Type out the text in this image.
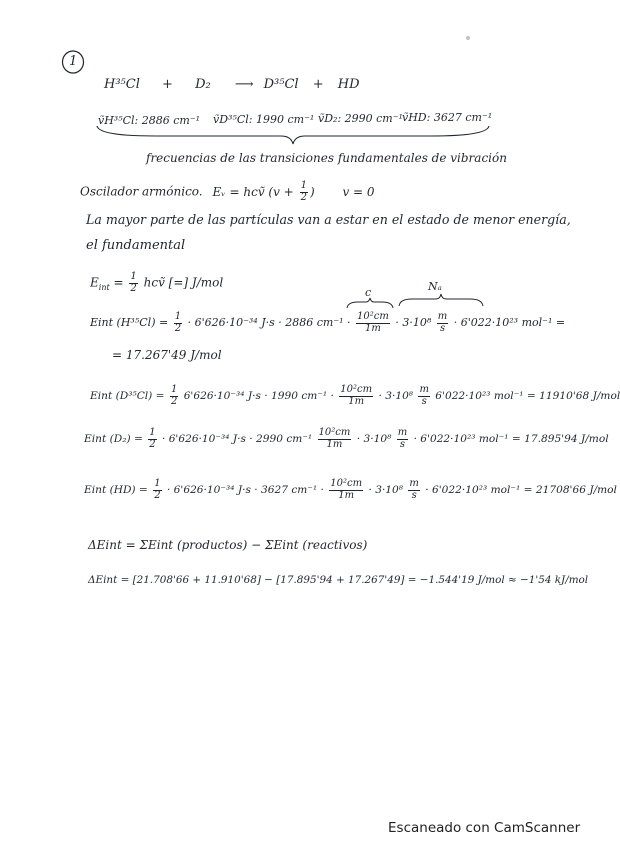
1
H³⁵Cl + D₂ ⟶ D³⁵Cl + HD
ṽH³⁵Cl: 2886 cm⁻¹ ṽD³⁵Cl: 1990 cm⁻¹ ṽD₂: 2990 cm⁻¹ ṽHD: 3627 cm⁻¹
frecuencias de las transiciones fundamentales de vibración
Oscilador armónico. Eᵥ = hcṽ ($v + \frac{1}{2}$ ) v = 0
La mayor parte de las partículas van a estar en el estado de menor energía,
el fundamental
$E_{int} = \frac{1}{2}$ hcṽ [=] J/mol
c	Nₐ
Eint $(H^{35}Cl) = \frac{1}{2} \cdot 6'626\cdot 10^{-34}$ J·s · 2886 $cm^{-1} \cdot \frac{\text{10²cm}}{1m} \cdot 3\cdot 10^8 \frac{m}{s} \cdot 6'022\cdot 10^{23}$ mol⁻¹ =
= 17.267'49 J/mol
Eint $(D^{35}Cl) = \frac{1}{2} 6'626\cdot 10^{-34}$ J·s · 1990 $cm^{-1} \cdot \frac{\text{10²cm}}{1m} \cdot 3\cdot 10^8 \frac{m}{s} 6'022\cdot 10^{23}$ mol⁻¹ = 11910'68 J/mol
Eint $(D_2) = \frac{1}{2} \cdot 6'626\cdot 10^{-34}$ J·s · 2990 $cm^{-1} \frac{\text{10²cm}}{1m} \cdot 3\cdot 10^8 \frac{m}{s} \cdot 6'022\cdot 10^{23}$ mol⁻¹ = 17.895'94 J/mol
Eint $(HD) = \frac{1}{2} \cdot 6'626\cdot 10^{-34}$ J·s · 3627 $cm^{-1} \cdot \frac{\text{10²cm}}{1m} \cdot 3\cdot 10^8 \frac{m}{s} \cdot 6'022\cdot 10^{23}$ mol⁻¹ = 21708'66 J/mol
ΔEint = ΣEint (productos) − ΣEint (reactivos)
ΔEint = [21.708'66 + 11.910'68] − [17.895'94 + 17.267'49] = −1.544'19 J/mol ≈ −1'54 kJ/mol
Escaneado con CamScanner
